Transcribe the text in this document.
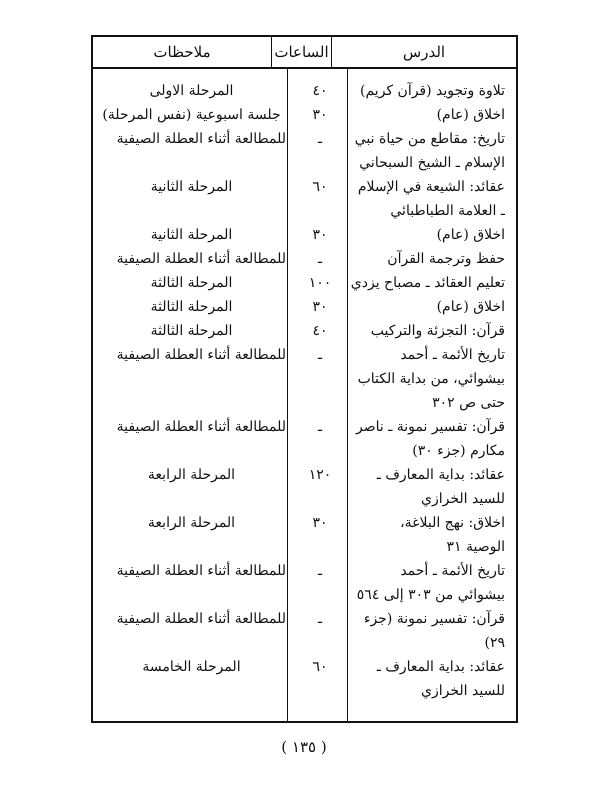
الدرس
الساعات
ملاحظات
تلاوة وتجويد (قرآن كريم)
٤٠
المرحلة الاولى
اخلاق (عام)
٣٠
جلسة اسبوعية (نفس المرحلة)
تاريخ: مقاطع من حياة نبي
ـ
للمطالعة أثناء العطلة الصيفية
الإسلام ـ الشيخ السبحاني
عقائد: الشيعة في الإسلام
٦٠
المرحلة الثانية
ـ العلامة الطباطبائي
اخلاق (عام)
٣٠
المرحلة الثانية
حفظ وترجمة القرآن
ـ
للمطالعة أثناء العطلة الصيفية
تعليم العقائد ـ مصباح يزدي
١٠٠
المرحلة الثالثة
اخلاق (عام)
٣٠
المرحلة الثالثة
قرآن: التجزئة والتركيب
٤٠
المرحلة الثالثة
تاريخ الأئمة ـ أحمد
ـ
للمطالعة أثناء العطلة الصيفية
بيشوائي، من بداية الكتاب
حتى ص ٣٠٢
قرآن: تفسير نمونة ـ ناصر
ـ
للمطالعة أثناء العطلة الصيفية
مكارم (جزء ٣٠)
عقائد: بداية المعارف ـ
١٢٠
المرحلة الرابعة
للسيد الخرازي
اخلاق: نهج البلاغة،
٣٠
المرحلة الرابعة
الوصية ٣١
تاريخ الأئمة ـ أحمد
ـ
للمطالعة أثناء العطلة الصيفية
بيشوائي من ٣٠٣ إلى ٥٦٤
قرآن: تفسير نمونة (جزء ٢٩)
ـ
للمطالعة أثناء العطلة الصيفية
عقائد: بداية المعارف ـ
٦٠
المرحلة الخامسة
للسيد الخرازي
( ١٣٥ )
